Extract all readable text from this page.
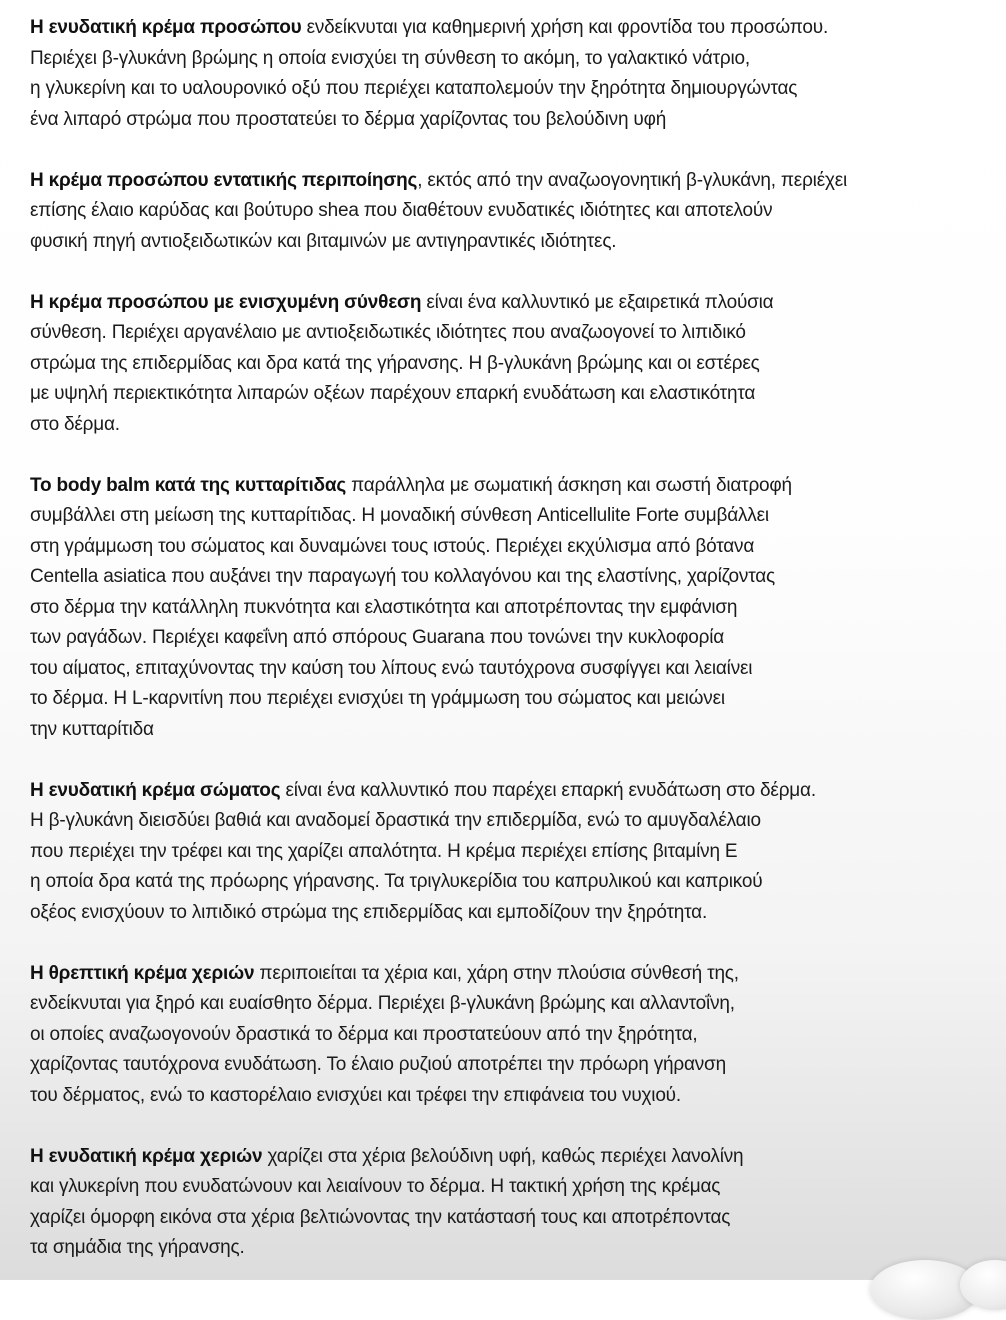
Η ενυδατική κρέμα προσώπου ενδείκνυται για καθημερινή χρήση και φροντίδα του προσώπου.
Περιέχει β-γλυκάνη βρώμης η οποία ενισχύει τη σύνθεση το ακόμη, το γαλακτικό νάτριο,
η γλυκερίνη και το υαλουρονικό οξύ που περιέχει καταπολεμούν την ξηρότητα δημιουργώντας
ένα λιπαρό στρώμα που προστατεύει το δέρμα χαρίζοντας του βελούδινη υφή
Η κρέμα προσώπου εντατικής περιποίησης, εκτός από την αναζωογονητική β-γλυκάνη, περιέχει
επίσης έλαιο καρύδας και βούτυρο shea που διαθέτουν ενυδατικές ιδιότητες και αποτελούν
φυσική πηγή αντιοξειδωτικών και βιταμινών με αντιγηραντικές ιδιότητες.
Η κρέμα προσώπου με ενισχυμένη σύνθεση είναι ένα καλλυντικό με εξαιρετικά πλούσια
σύνθεση. Περιέχει αργανέλαιο με αντιοξειδωτικές ιδιότητες που αναζωογονεί το λιπιδικό
στρώμα της επιδερμίδας και δρα κατά της γήρανσης. Η β-γλυκάνη βρώμης και οι εστέρες
με υψηλή περιεκτικότητα λιπαρών οξέων παρέχουν επαρκή ενυδάτωση και ελαστικότητα
στο δέρμα.
Το body balm κατά της κυτταρίτιδας παράλληλα με σωματική άσκηση και σωστή διατροφή
συμβάλλει στη μείωση της κυτταρίτιδας. Η μοναδική σύνθεση Anticellulite Forte συμβάλλει
στη γράμμωση του σώματος και δυναμώνει τους ιστούς. Περιέχει εκχύλισμα από βότανα
Centella asiatica που αυξάνει την παραγωγή του κολλαγόνου και της ελαστίνης, χαρίζοντας
στο δέρμα την κατάλληλη πυκνότητα και ελαστικότητα και αποτρέποντας την εμφάνιση
των ραγάδων. Περιέχει καφεΐνη από σπόρους Guarana που τονώνει την κυκλοφορία
του αίματος, επιταχύνοντας την καύση του λίπους ενώ ταυτόχρονα συσφίγγει και λειαίνει
το δέρμα. Η L-καρνιτίνη που περιέχει ενισχύει τη γράμμωση του σώματος και μειώνει
την κυτταρίτιδα
Η ενυδατική κρέμα σώματος είναι ένα καλλυντικό που παρέχει επαρκή ενυδάτωση στο δέρμα.
Η β-γλυκάνη διεισδύει βαθιά και αναδομεί δραστικά την επιδερμίδα, ενώ το αμυγδαλέλαιο
που περιέχει την τρέφει και της χαρίζει απαλότητα. Η κρέμα περιέχει επίσης βιταμίνη Ε
η οποία δρα κατά της πρόωρης γήρανσης. Τα τριγλυκερίδια του καπρυλικού και καπρικού
οξέος ενισχύουν το λιπιδικό στρώμα της επιδερμίδας και εμποδίζουν την ξηρότητα.
Η θρεπτική κρέμα χεριών περιποιείται τα χέρια και, χάρη στην πλούσια σύνθεσή της,
ενδείκνυται για ξηρό και ευαίσθητο δέρμα. Περιέχει β-γλυκάνη βρώμης και αλλαντοΐνη,
οι οποίες αναζωογονούν δραστικά το δέρμα και προστατεύουν από την ξηρότητα,
χαρίζοντας ταυτόχρονα ενυδάτωση. Το έλαιο ρυζιού αποτρέπει την πρόωρη γήρανση
του δέρματος, ενώ το καστορέλαιο ενισχύει και τρέφει την επιφάνεια του νυχιού.
Η ενυδατική κρέμα χεριών χαρίζει στα χέρια βελούδινη υφή, καθώς περιέχει λανολίνη
και γλυκερίνη που ενυδατώνουν και λειαίνουν το δέρμα. Η τακτική χρήση της κρέμας
χαρίζει όμορφη εικόνα στα χέρια βελτιώνοντας την κατάστασή τους και αποτρέποντας
τα σημάδια της γήρανσης.
